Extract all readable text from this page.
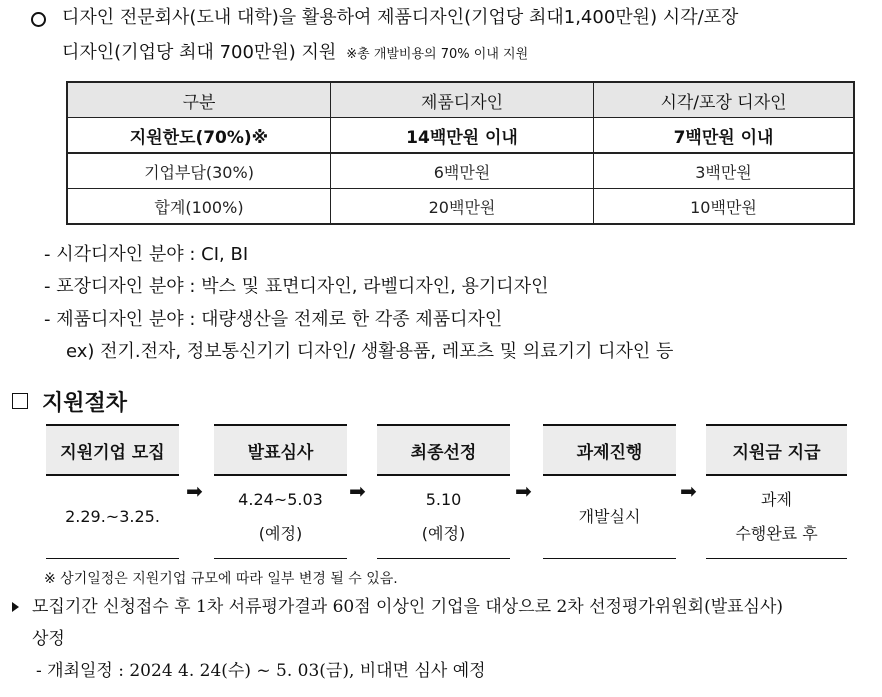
디자인 전문회사(도내 대학)을 활용하여 제품디자인(기업당 최대1,400만원) 시각/포장
디자인(기업당 최대 700만원) 지원 ※총 개발비용의 70% 이내 지원
구분	제품디자인	시각/포장 디자인
지원한도(70%)※	14백만원 이내	7백만원 이내
기업부담(30%)	6백만원	3백만원
합계(100%)	20백만원	10백만원
- 시각디자인 분야 : CI, BI
- 포장디자인 분야 : 박스 및 표면디자인, 라벨디자인, 용기디자인
- 제품디자인 분야 : 대량생산을 전제로 한 각종 제품디자인
ex) 전기.전자, 정보통신기기 디자인/ 생활용품, 레포츠 및 의료기기 디자인 등
지원절차
지원기업 모집
2.29.~3.25.
➡
발표심사
4.24~5.03
(예정)
➡
최종선정
5.10
(예정)
➡
과제진행
개발실시
➡
지원금 지급
과제
수행완료 후
※ 상기일정은 지원기업 규모에 따라 일부 변경 될 수 있음.
모집기간 신청접수 후 1차 서류평가결과 60점 이상인 기업을 대상으로 2차 선정평가위원회(발표심사)
상정
- 개최일정 : 2024 4. 24(수) ~ 5. 03(금), 비대면 심사 예정
